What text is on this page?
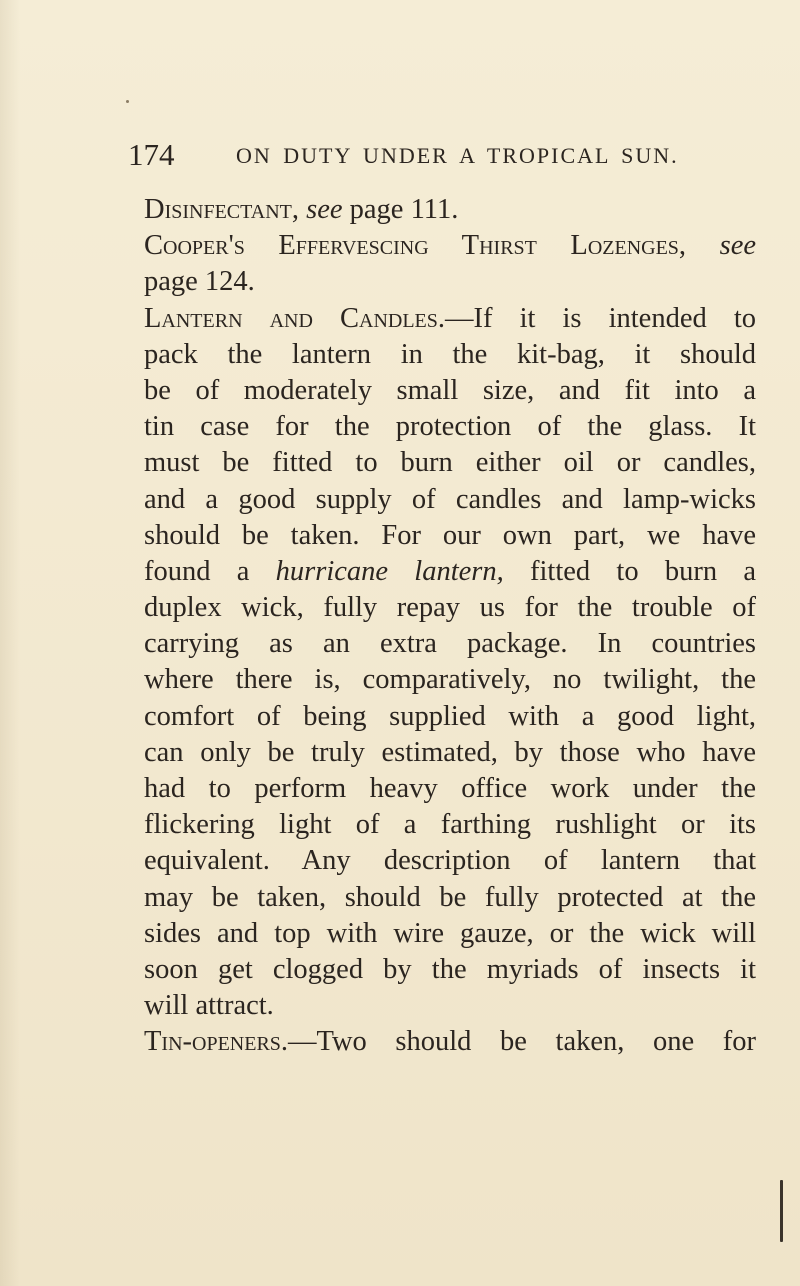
174	ON DUTY UNDER A TROPICAL SUN.
Disinfectant, see page 111.
Cooper's Effervescing Thirst Lozenges, see
page 124.
Lantern and Candles.—If it is intended to
pack the lantern in the kit-bag, it should
be of moderately small size, and fit into a
tin case for the protection of the glass. It
must be fitted to burn either oil or candles,
and a good supply of candles and lamp-wicks
should be taken. For our own part, we have
found a hurricane lantern, fitted to burn a
duplex wick, fully repay us for the trouble of
carrying as an extra package. In countries
where there is, comparatively, no twilight, the
comfort of being supplied with a good light,
can only be truly estimated, by those who have
had to perform heavy office work under the
flickering light of a farthing rushlight or its
equivalent. Any description of lantern that
may be taken, should be fully protected at the
sides and top with wire gauze, or the wick will
soon get clogged by the myriads of insects it
will attract.
Tin-openers.—Two should be taken, one for
